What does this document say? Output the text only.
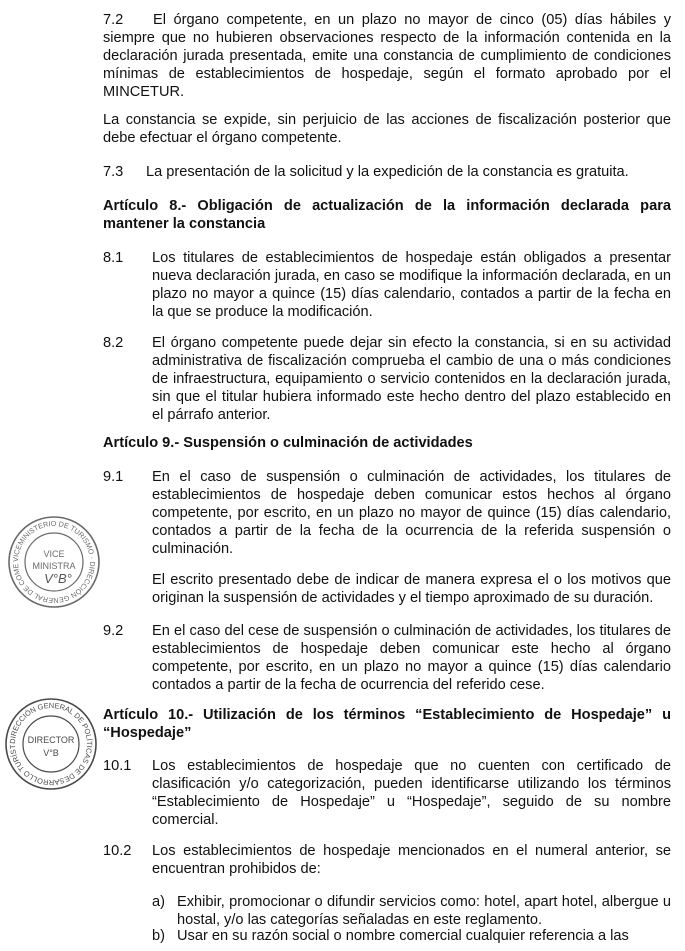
7.2	El órgano competente, en un plazo no mayor de cinco (05) días hábiles y siempre que no hubieren observaciones respecto de la información contenida en la declaración jurada presentada, emite una constancia de cumplimiento de condiciones mínimas de establecimientos de hospedaje, según el formato aprobado por el MINCETUR.

La constancia se expide, sin perjuicio de las acciones de fiscalización posterior que debe efectuar el órgano competente.

7.3 La presentación de la solicitud y la expedición de la constancia es gratuita.

Artículo 8.- Obligación de actualización de la información declarada para mantener la constancia

8.1 Los titulares de establecimientos de hospedaje están obligados a presentar nueva declaración jurada, en caso se modifique la información declarada, en un plazo no mayor a quince (15) días calendario, contados a partir de la fecha en la que se produce la modificación.

8.2 El órgano competente puede dejar sin efecto la constancia, si en su actividad administrativa de fiscalización comprueba el cambio de una o más condiciones de infraestructura, equipamiento o servicio contenidos en la declaración jurada, sin que el titular hubiera informado este hecho dentro del plazo establecido en el párrafo anterior.

Artículo 9.- Suspensión o culminación de actividades

9.1 En el caso de suspensión o culminación de actividades, los titulares de establecimientos de hospedaje deben comunicar estos hechos al órgano competente, por escrito, en un plazo no mayor de quince (15) días calendario, contados a partir de la fecha de la ocurrencia de la referida suspensión o culminación.

El escrito presentado debe de indicar de manera expresa el o los motivos que originan la suspensión de actividades y el tiempo aproximado de su duración.

9.2 En el caso del cese de suspensión o culminación de actividades, los titulares de establecimientos de hospedaje deben comunicar este hecho al órgano competente, por escrito, en un plazo no mayor a quince (15) días calendario contados a partir de la fecha de ocurrencia del referido cese.

Artículo 10.- Utilización de los términos “Establecimiento de Hospedaje” u “Hospedaje”

10.1 Los establecimientos de hospedaje que no cuenten con certificado de clasificación y/o categorización, pueden identificarse utilizando los términos “Establecimiento de Hospedaje” u “Hospedaje”, seguido de su nombre comercial.

10.2 Los establecimientos de hospedaje mencionados en el numeral anterior, se encuentran prohibidos de:

a) Exhibir, promocionar o difundir servicios como: hotel, apart hotel, albergue u hostal, y/o las categorías señaladas en este reglamento.

b) Usar en su razón social o nombre comercial cualquier referencia a las

VICEMINISTERIO DE TURISMO · DIRECCIÓN GENERAL DE COME
VICE
MINISTRA
V°B°
DIRECCIÓN GENERAL DE POLÍTICAS DE DESARROLLO TURÍST
DIRECTOR
V°B
